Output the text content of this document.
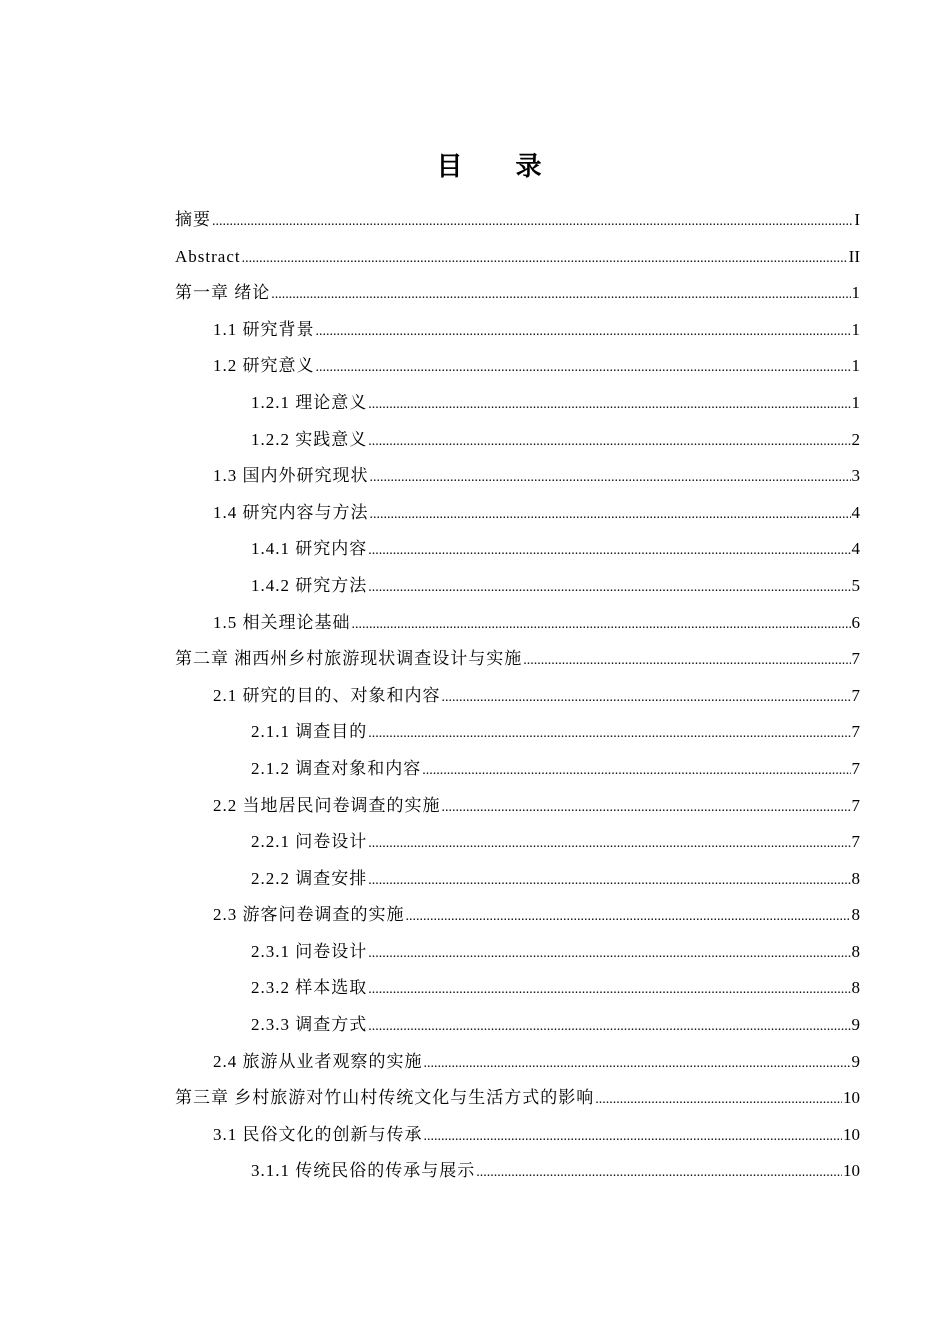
目 录
摘要 .....	I
Abstract .....	II
第一章 绪论 .....	1
1.1 研究背景 .....	1
1.2 研究意义 .....	1
1.2.1 理论意义 .....	1
1.2.2 实践意义 .....	2
1.3 国内外研究现状 .....	3
1.4 研究内容与方法 .....	4
1.4.1 研究内容 .....	4
1.4.2 研究方法 .....	5
1.5 相关理论基础 .....	6
第二章 湘西州乡村旅游现状调查设计与实施 .....	7
2.1 研究的目的、对象和内容 .....	7
2.1.1 调查目的 .....	7
2.1.2 调查对象和内容 .....	7
2.2 当地居民问卷调查的实施 .....	7
2.2.1 问卷设计 .....	7
2.2.2 调查安排 .....	8
2.3 游客问卷调查的实施 .....	8
2.3.1 问卷设计 .....	8
2.3.2 样本选取 .....	8
2.3.3 调查方式 .....	9
2.4 旅游从业者观察的实施 .....	9
第三章 乡村旅游对竹山村传统文化与生活方式的影响 .....	10
3.1 民俗文化的创新与传承 .....	10
3.1.1 传统民俗的传承与展示 .....	10
